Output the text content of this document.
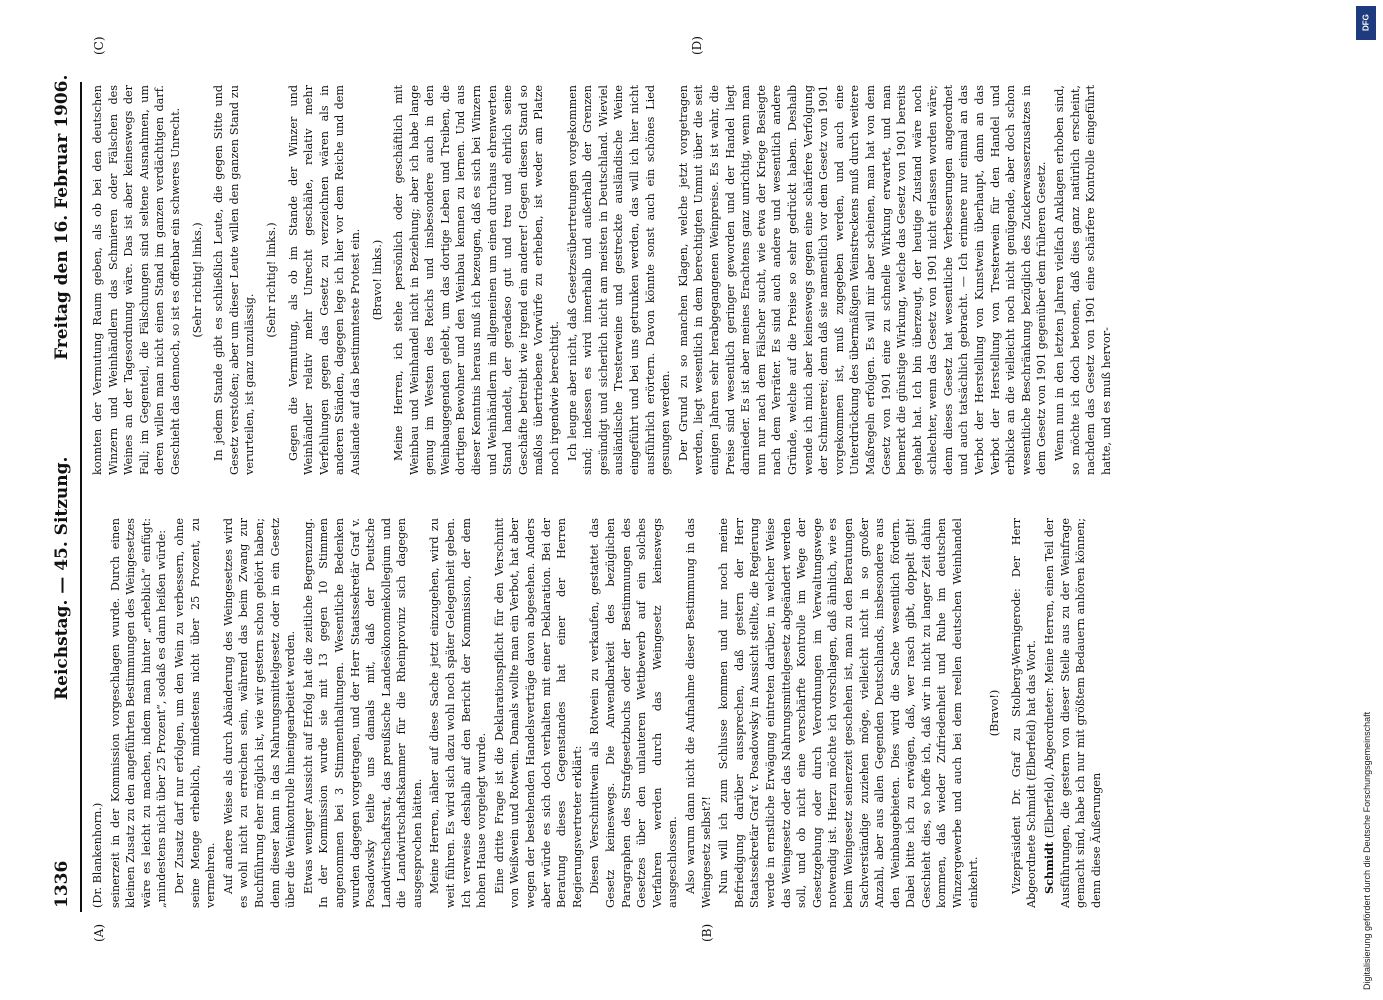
1336
Reichstag. — 45. Sitzung.
Freitag den 16. Februar 1906.
(A)	(B)
(C)	(D)

(Dr. Blankenhorn.) seinerzeit in der Kommission vorgeschlagen wurde. Durch einen kleinen Zusatz zu den angeführten Bestimmungen des Weingesetzes wäre es leicht zu machen, indem man hinter „erheblich“ einfügt: „mindestens nicht über 25 Prozent“, sodaß es dann heißen würde: Der Zusatz darf nur erfolgen, um den Wein zu verbessern, ohne seine Menge erheblich, mindestens nicht über 25 Prozent, zu vermehren. Auf andere Weise als durch Abänderung des Weingesetzes wird es wohl nicht zu erreichen sein, während das beim Zwang zur Buchführung eher möglich ist, wie wir gestern schon gehört haben; denn dieser kann in das Nahrungsmittelgesetz oder in ein Gesetz über die Weinkontrolle hineingearbeitet werden. Etwas weniger Aussicht auf Erfolg hat die zeitliche Begrenzung. In der Kommission wurde sie mit 13 gegen 10 Stimmen angenommen bei 3 Stimmenthaltungen. Wesentliche Bedenken wurden dagegen vorgetragen, und der Herr Staatssekretär Graf v. Posadowsky teilte uns damals mit, daß der Deutsche Landwirtschaftsrat, das preußische Landesökonomiekollegium und die Landwirtschaftskammer für die Rheinprovinz sich dagegen ausgesprochen hätten. Meine Herren, näher auf diese Sache jetzt einzugehen, wird zu weit führen. Es wird sich dazu wohl noch später Gelegenheit geben. Ich verweise deshalb auf den Bericht der Kommission, der dem hohen Hause vorgelegt wurde. Eine dritte Frage ist die Deklarationspflicht für den Verschnitt von Weißwein und Rotwein. Damals wollte man ein Verbot, hat aber wegen der bestehenden Handelsverträge davon abgesehen. Anders aber würde es sich doch verhalten mit einer Deklaration. Bei der Beratung dieses Gegenstandes hat einer der Herren Regierungsvertreter erklärt: Diesen Verschnittwein als Rotwein zu verkaufen, gestattet das Gesetz keineswegs. Die Anwendbarkeit des bezüglichen Paragraphen des Strafgesetzbuchs oder der Bestimmungen des Gesetzes über den unlauteren Wettbewerb auf ein solches Verfahren werden durch das Weingesetz keineswegs ausgeschlossen. Also warum dann nicht die Aufnahme dieser Bestimmung in das Weingesetz selbst?! Nun will ich zum Schlusse kommen und nur noch meine Befriedigung darüber aussprechen, daß gestern der Herr Staatssekretär Graf v. Posadowsky in Aussicht stellte, die Regierung werde in ernstliche Erwägung eintreten darüber, in welcher Weise das Weingesetz oder das Nahrungsmittelgesetz abgeändert werden soll, und ob nicht eine verschärfte Kontrolle im Wege der Gesetzgebung oder durch Verordnungen im Verwaltungswege notwendig ist. Hierzu möchte ich vorschlagen, daß ähnlich, wie es beim Weingesetz seinerzeit geschehen ist, man zu den Beratungen Sachverständige zuziehen möge, vielleicht nicht in so großer Anzahl, aber aus allen Gegenden Deutschlands, insbesondere aus den Weinbaugebieten. Dies wird die Sache wesentlich fördern. Dabei bitte ich zu erwägen, daß, wer rasch gibt, doppelt gibt! Geschieht dies, so hoffe ich, daß wir in nicht zu langer Zeit dahin kommen, daß wieder Zufriedenheit und Ruhe im deutschen Winzergewerbe und auch bei dem reellen deutschen Weinhandel einkehrt.

(Bravo!) Vizepräsident Dr. Graf zu Stolberg-Wernigerode: Der Herr Abgeordnete Schmidt (Elberfeld) hat das Wort. Schmidt (Elberfeld), Abgeordneter: Meine Herren, einen Teil der Ausführungen, die gestern von dieser Stelle aus zu der Weinfrage gemacht sind, habe ich nur mit größtem Bedauern anhören können; denn diese Äußerungen

konnten der Vermutung Raum geben, als ob bei den deutschen Winzern und Weinhändlern das Schmieren oder Fälschen des Weines an der Tagesordnung wäre. Das ist aber keineswegs der Fall; im Gegenteil, die Fälschungen sind seltene Ausnahmen, um deren willen man nicht einen Stand im ganzen verdächtigen darf. Geschieht das dennoch, so ist es offenbar ein schweres Unrecht. (Sehr richtig! links.) In jedem Stande gibt es schließlich Leute, die gegen Sitte und Gesetz verstoßen; aber um dieser Leute willen den ganzen Stand zu verurteilen, ist ganz unzulässig.

(Sehr richtig! links.) Gegen die Vermutung, als ob im Stande der Winzer und Weinhändler relativ mehr Unrecht geschähe, relativ mehr Verfehlungen gegen das Gesetz zu verzeichnen wären als in anderen Ständen, dagegen lege ich hier vor dem Reiche und dem Auslande auf das bestimmteste Protest ein. (Bravo! links.) Meine Herren, ich stehe persönlich oder geschäftlich mit Weinbau und Weinhandel nicht in Beziehung; aber ich habe lange genug im Westen des Reichs und insbesondere auch in den Weinbaugegenden gelebt, um das dortige Leben und Treiben, die dortigen Bewohner und den Weinbau kennen zu lernen. Und aus dieser Kenntnis heraus muß ich bezeugen, daß es sich bei Winzern und Weinhändlern im allgemeinen um einen durchaus ehrenwerten Stand handelt, der geradeso gut und treu und ehrlich seine Geschäfte betreibt wie irgend ein anderer! Gegen diesen Stand so maßlos übertriebene Vorwürfe zu erheben, ist weder am Platze noch irgendwie berechtigt. Ich leugne aber nicht, daß Gesetzesübertretungen vorgekommen sind; indessen es wird innerhalb und außerhalb der Grenzen gesündigt und sicherlich nicht am meisten in Deutschland. Wieviel ausländische Tresterweine und gestreckte ausländische Weine eingeführt und bei uns getrunken werden, das will ich hier nicht ausführlich erörtern. Davon könnte sonst auch ein schönes Lied gesungen werden. Der Grund zu so manchen Klagen, welche jetzt vorgetragen werden, liegt wesentlich in dem berechtigten Unmut über die seit einigen Jahren sehr herabgegangenen Weinpreise. Es ist wahr, die Preise sind wesentlich geringer geworden und der Handel liegt darnieder. Es ist aber meines Erachtens ganz unrichtig, wenn man nun nur nach dem Fälscher sucht, wie etwa der Kriege Besiegte nach dem Verräter. Es sind auch andere und wesentlich andere Gründe, welche auf die Preise so sehr gedrückt haben. Deshalb wende ich mich aber keineswegs gegen eine schärfere Verfolgung der Schmiererei; denn daß sie namentlich vor dem Gesetz von 1901 vorgekommen ist, muß zugegeben werden, und auch eine Unterdrückung des übermäßigen Weinstreckens muß durch weitere Maßregeln erfolgen. Es will mir aber scheinen, man hat von dem Gesetz von 1901 eine zu schnelle Wirkung erwartet, und man bemerkt die günstige Wirkung, welche das Gesetz von 1901 bereits gehabt hat. Ich bin überzeugt, der heutige Zustand wäre noch schlechter, wenn das Gesetz von 1901 nicht erlassen worden wäre; denn dieses Gesetz hat wesentliche Verbesserungen angeordnet und auch tatsächlich gebracht. — Ich erinnere nur einmal an das Verbot der Herstellung von Kunstwein überhaupt, dann an das Verbot der Herstellung von Tresterwein für den Handel und erblicke an die vielleicht noch nicht genügende, aber doch schon wesentliche Beschränkung bezüglich des Zuckerwasserzusatzes in dem Gesetz von 1901 gegenüber dem früheren Gesetz. Wenn nun in den letzten Jahren vielfach Anklagen erhoben sind, so möchte ich doch betonen, daß dies ganz natürlich erscheint, nachdem das Gesetz von 1901 eine schärfere Kontrolle eingeführt hatte, und es muß hervor-

DFG
Digitalisierung gefördert durch die Deutsche Forschungsgemeinschaft
